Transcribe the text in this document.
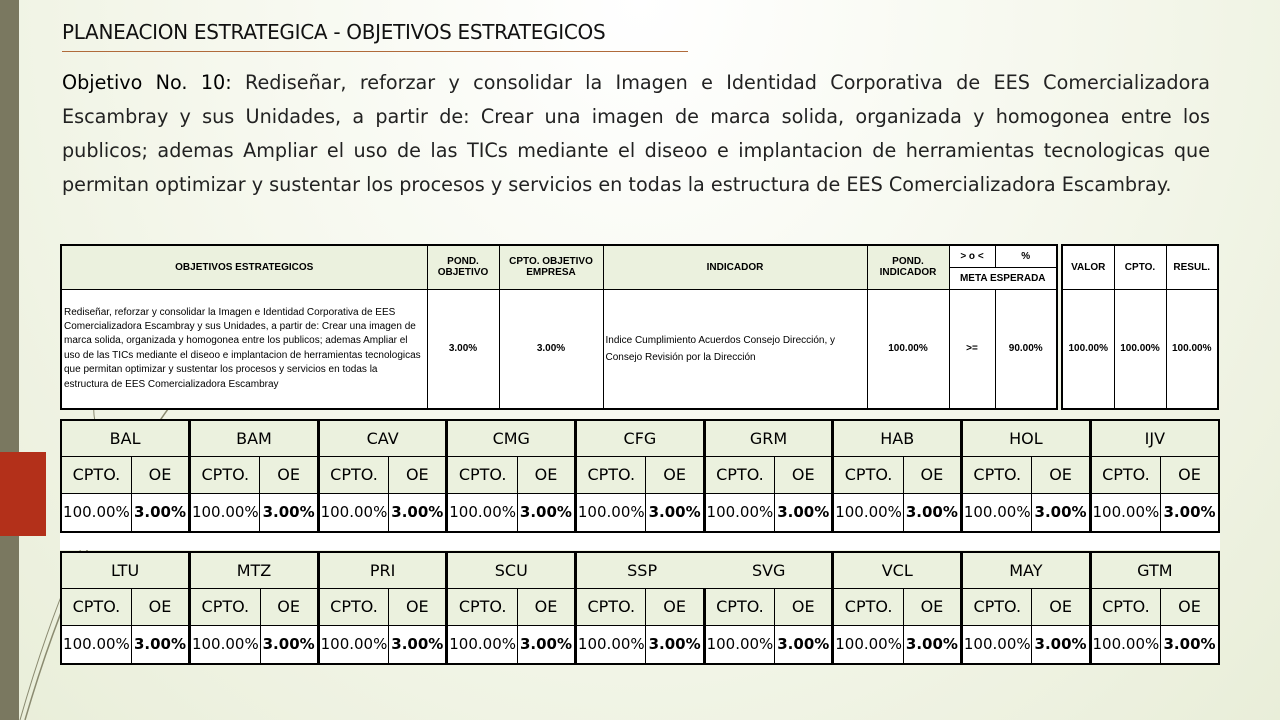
PLANEACION ESTRATEGICA - OBJETIVOS ESTRATEGICOS
Objetivo No. 10: Rediseñar, reforzar y consolidar la Imagen e Identidad Corporativa de EES Comercializadora Escambray y sus Unidades, a partir de: Crear una imagen de marca solida, organizada y homogonea entre los publicos; ademas Ampliar el uso de las TICs mediante el diseoo e implantacion de herramientas tecnologicas que permitan optimizar y sustentar los procesos y servicios en todas la estructura de EES Comercializadora Escambray.
OBJETIVOS ESTRATEGICOS	POND. OBJETIVO	CPTO. OBJETIVO EMPRESA	INDICADOR	POND. INDICADOR	> o <	%
					META ESPERADA	
Rediseñar, reforzar y consolidar la Imagen e Identidad Corporativa de EES Comercializadora Escambray y sus Unidades, a partir de: Crear una imagen de marca solida, organizada y homogonea entre los publicos; ademas Ampliar el uso de las TICs mediante el diseoo e implantacion de herramientas tecnologicas que permitan optimizar y sustentar los procesos y servicios en todas la estructura de EES Comercializadora Escambray	3.00%	3.00%	Indice Cumplimiento Acuerdos Consejo Dirección, y Consejo Revisión por la Dirección	100.00%	>=	90.00%
VALOR	CPTO.	RESUL.
100.00%	100.00%	100.00%
BAL		BAM		CAV		CMG		CFG		GRM		HAB		HOL		IJV	
CPTO.	OE	CPTO.	OE	CPTO.	OE	CPTO.	OE	CPTO.	OE	CPTO.	OE	CPTO.	OE	CPTO.	OE	CPTO.	OE
100.00%	3.00%	100.00%	3.00%	100.00%	3.00%	100.00%	3.00%	100.00%	3.00%	100.00%	3.00%	100.00%	3.00%	100.00%	3.00%	100.00%	3.00%
LTU		MTZ		PRI		SCU		SSP SVG				VCL		MAY		GTM	
CPTO.	OE	CPTO.	OE	CPTO.	OE	CPTO.	OE	CPTO.	OE	CPTO.	OE	CPTO.	OE	CPTO.	OE	CPTO.	OE
100.00%	3.00%	100.00%	3.00%	100.00%	3.00%	100.00%	3.00%	100.00%	3.00%	100.00%	3.00%	100.00%	3.00%	100.00%	3.00%	100.00%	3.00%
